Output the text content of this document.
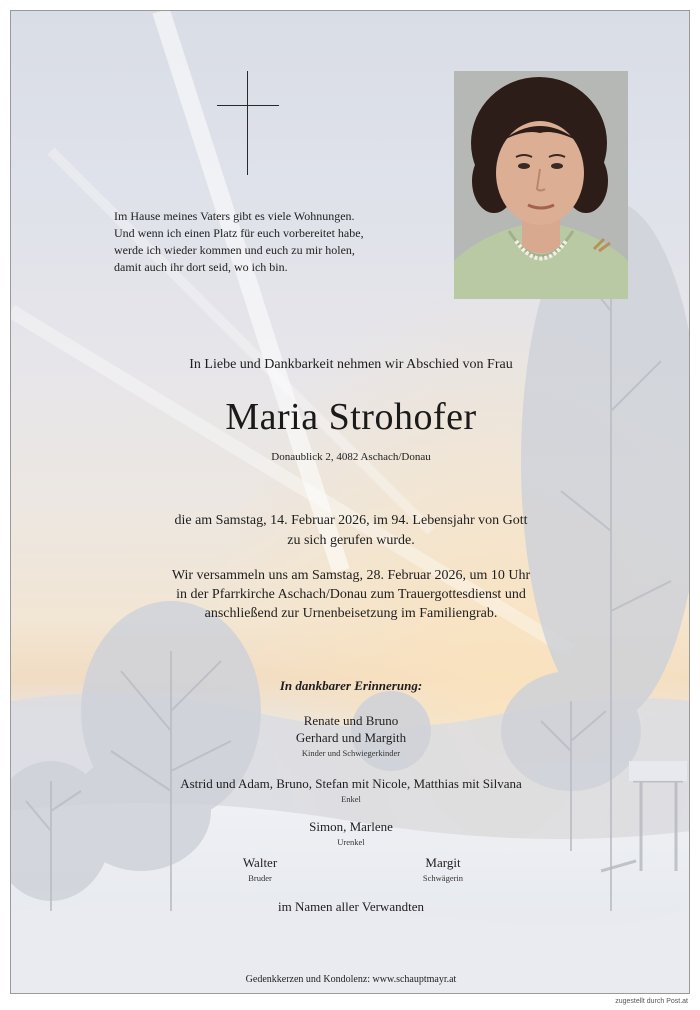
Im Hause meines Vaters gibt es viele Wohnungen.
Und wenn ich einen Platz für euch vorbereitet habe,
werde ich wieder kommen und euch zu mir holen,
damit auch ihr dort seid, wo ich bin.
In Liebe und Dankbarkeit nehmen wir Abschied von Frau
Maria Strohofer
Donaublick 2, 4082 Aschach/Donau
die am Samstag, 14. Februar 2026, im 94. Lebensjahr von Gott
zu sich gerufen wurde.
Wir versammeln uns am Samstag, 28. Februar 2026, um 10 Uhr
in der Pfarrkirche Aschach/Donau zum Trauergottesdienst und
anschließend zur Urnenbeisetzung im Familiengrab.
In dankbarer Erinnerung:
Renate und Bruno
Gerhard und Margith
Kinder und Schwiegerkinder
Astrid und Adam, Bruno, Stefan mit Nicole, Matthias mit Silvana
Enkel
Simon, Marlene
Urenkel
Walter
Bruder
Margit
Schwägerin
im Namen aller Verwandten
Gedenkkerzen und Kondolenz: www.schauptmayr.at
zugestellt durch Post.at
